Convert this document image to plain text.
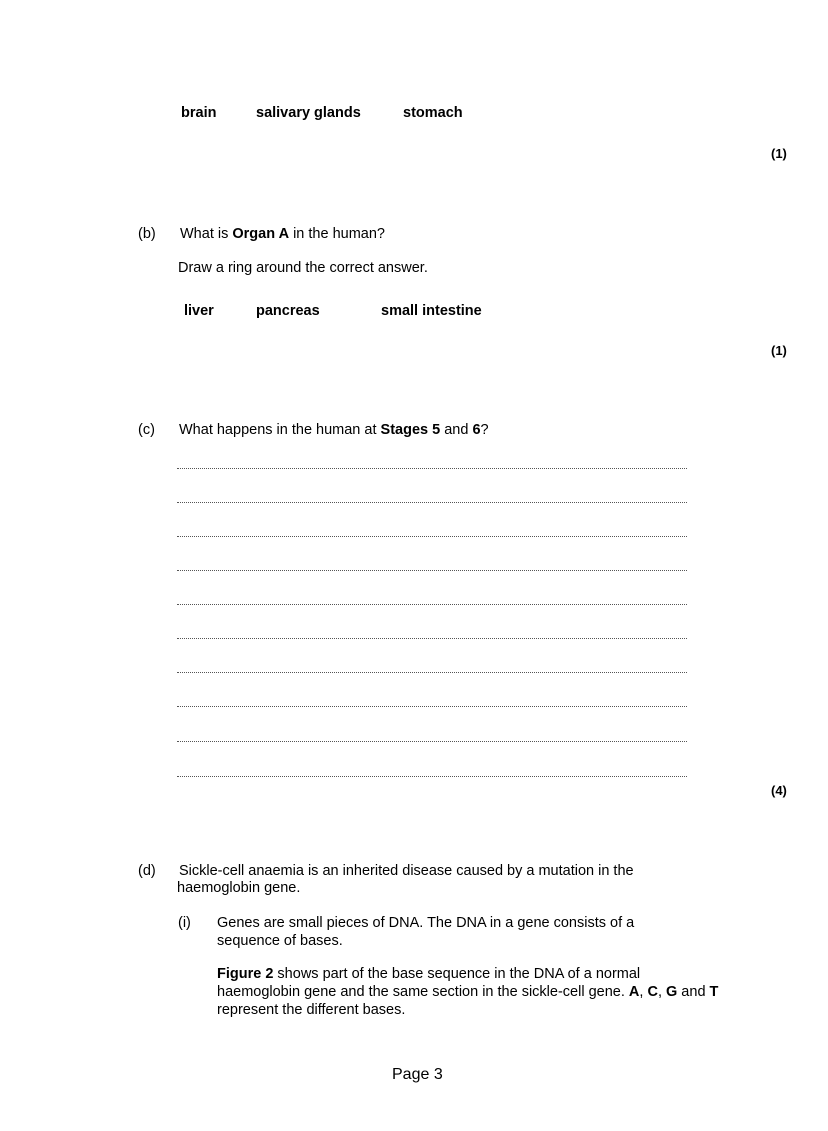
brain	salivary glands	stomach
(1)
(b) What is Organ A in the human?
Draw a ring around the correct answer.
liver	pancreas	small intestine
(1)
(c) What happens in the human at Stages 5 and 6?
(4)
(d) Sickle-cell anaemia is an inherited disease caused by a mutation in the
haemoglobin gene.
(i) Genes are small pieces of DNA. The DNA in a gene consists of a
sequence of bases.
Figure 2 shows part of the base sequence in the DNA of a normal
haemoglobin gene and the same section in the sickle-cell gene. A, C, G and T
represent the different bases.
Page 3
